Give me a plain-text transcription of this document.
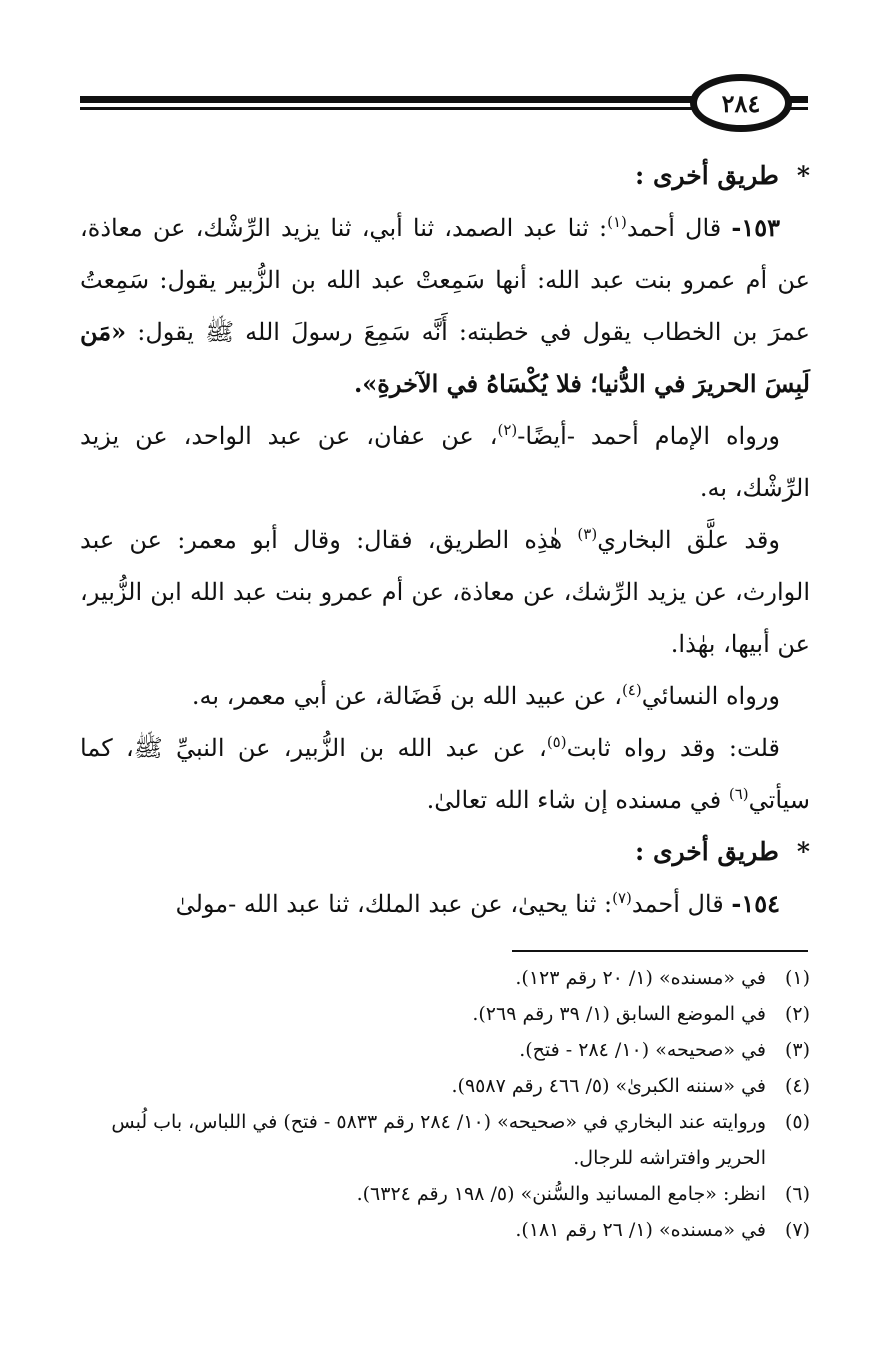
٢٨٤

*طريق أخرى :

١٥٣- قال أحمد$^{(١)}$: ثنا عبد الصمد، ثنا أبي، ثنا يزيد الرِّشْك، عن معاذة، عن أم عمرو بنت عبد الله: أنها سَمِعتْ عبد الله بن الزُّبير يقول: سَمِعتُ عمرَ بن الخطاب يقول في خطبته: أَنَّه سَمِعَ رسولَ الله ﷺ يقول: «مَن لَبِسَ الحريرَ في الدُّنيا؛ فلا يُكْسَاهُ في الآخرةِ».

ورواه الإمام أحمد -أيضًا-$^{(٢)}$، عن عفان، عن عبد الواحد، عن يزيد الرِّشْك، به.

وقد علَّق البخاري$^{(٣)}$ هٰذِه الطريق، فقال: وقال أبو معمر: عن عبد الوارث، عن يزيد الرِّشك، عن معاذة، عن أم عمرو بنت عبد الله ابن الزُّبير، عن أبيها، بهٰذا.

ورواه النسائي$^{(٤)}$، عن عبيد الله بن فَضَالة، عن أبي معمر، به.

قلت: وقد رواه ثابت$^{(٥)}$، عن عبد الله بن الزُّبير، عن النبيِّ ﷺ، كما سيأتي$^{(٦)}$ في مسنده إن شاء الله تعالىٰ.

*طريق أخرى :

١٥٤- قال أحمد$^{(٧)}$: ثنا يحيىٰ، عن عبد الملك، ثنا عبد الله -مولىٰ

(١)
في «مسنده» (١/ ٢٠ رقم ١٢٣).
(٢)
في الموضع السابق (١/ ٣٩ رقم ٢٦٩).
(٣)
في «صحيحه» (١٠/ ٢٨٤ - فتح).
(٤)
في «سننه الكبرىٰ» (٥/ ٤٦٦ رقم ٩٥٨٧).
(٥)
وروايته عند البخاري في «صحيحه» (١٠/ ٢٨٤ رقم ٥٨٣٣ - فتح) في اللباس، باب لُبس الحرير وافتراشه للرجال.
(٦)
انظر: «جامع المسانيد والسُّنن» (٥/ ١٩٨ رقم ٦٣٢٤).
(٧)
في «مسنده» (١/ ٢٦ رقم ١٨١).
